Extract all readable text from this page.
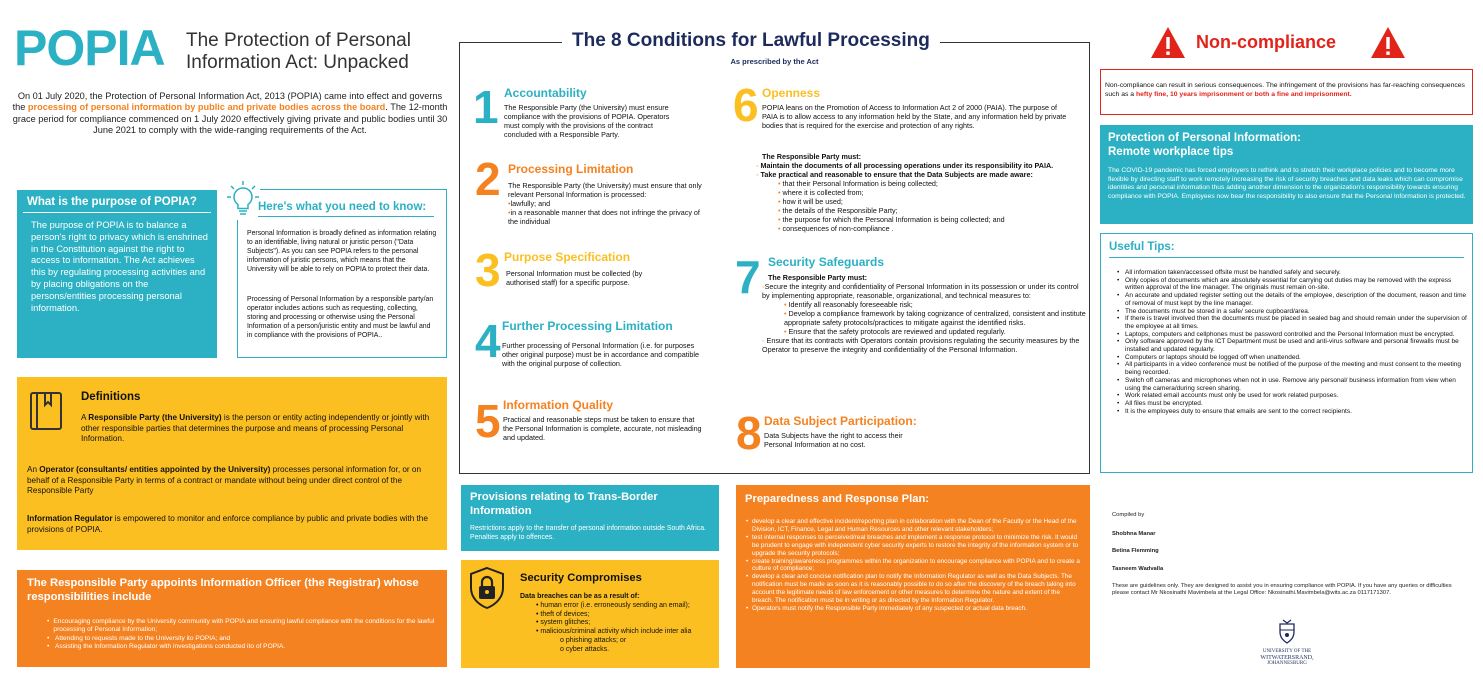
POPIA The Protection of Personal
Information Act: Unpacked

On 01 July 2020, the Protection of Personal Information Act, 2013 (POPIA) came into effect and governs the processing of personal information by public and private bodies across the board. The 12-month grace period for compliance commenced on 1 July 2020 effectively giving private and public bodies until 30 June 2021 to comply with the wide-ranging requirements of the Act.

What is the purpose of POPIA?

The purpose of POPIA is to balance a person's right to privacy which is enshrined in the Constitution against the right to access to information. The Act achieves this by regulating processing activities and by placing obligations on the persons/entities processing personal information.

Here's what you need to know:

Personal Information is broadly defined as information relating to an identifiable, living natural or juristic person ("Data Subjects"). As you can see POPIA refers to the personal information of juristic persons, which means that the University will be able to rely on POPIA to protect their data.

Processing of Personal Information by a responsible party/an operator includes actions such as requesting, collecting, storing and processing or otherwise using the Personal Information of a person/juristic entity and must be lawful and in compliance with the provisions of POPIA..

Definitions

A Responsible Party (the University) is the person or entity acting independently or jointly with other responsible parties that determines the purpose and means of processing Personal Information.

An Operator (consultants/ entities appointed by the University) processes personal information for, or on behalf of a Responsible Party in terms of a contract or mandate without being under direct control of the Responsible Party

Information Regulator is empowered to monitor and enforce compliance by public and private bodies with the provisions of POPIA.

The Responsible Party appoints Information Officer (the Registrar) whose responsibilities include
• Encouraging compliance by the University community with POPIA and ensuring lawful compliance with the conditions for the lawful processing of Personal Information;
• Attending to requests made to the University ito POPIA; and
• Assisting the Information Regulator with investigations conducted ito of POPIA.
The 8 Conditions for Lawful Processing
As prescribed by the Act
1 Accountability

The Responsible Party (the University) must ensure compliance with the provisions of POPIA. Operators must comply with the provisions of the contract concluded with a Responsible Party.

2 Processing Limitation

The Responsible Party (the University) must ensure that only relevant Personal Information is processed:

•lawfully; and

•in a reasonable manner that does not infringe the privacy of the individual

3 Purpose Specification

Personal Information must be collected (by authorised staff) for a specific purpose.

4 Further Processing Limitation

Further processing of Personal Information (i.e. for purposes other original purpose) must be in accordance and compatible with the original purpose of collection.

5 Information Quality

Practical and reasonable steps must be taken to ensure that the Personal Information is complete, accurate, not misleading and updated.

6 Openness

POPIA leans on the Promotion of Access to Information Act 2 of 2000 (PAIA). The purpose of PAIA is to allow access to any information held by the State, and any information held by private bodies that is required for the exercise and protection of any rights.

The Responsible Party must:

◦ Maintain the documents of all processing operations under its responsibility ito PAIA.

◦ Take practical and reasonable to ensure that the Data Subjects are made aware:

• that their Personal Information is being collected;

• where it is collected from;

• how it will be used;

• the details of the Responsible Party;

• the purpose for which the Personal Information is being collected; and

• consequences of non-compliance .

7 Security Safeguards

The Responsible Party must:

◦Secure the integrity and confidentiality of Personal Information in its possession or under its control by implementing appropriate, reasonable, organizational, and technical measures to:

• Identify all reasonably foreseeable risk;

• Develop a compliance framework by taking cognizance of centralized, consistent and institute appropriate safety protocols/practices to mitigate against the identified risks.

• Ensure that the safety protocols are reviewed and updated regularly.

◦ Ensure that its contracts with Operators contain provisions regulating the security measures by the Operator to preserve the integrity and confidentiality of the Personal Information.

8 Data Subject Participation:

Data Subjects have the right to access their Personal Information at no cost.

Provisions relating to Trans-Border Information

Restrictions apply to the transfer of personal information outside South Africa. Penalties apply to offences.

Security Compromises

Data breaches can be as a result of:

• human error (i.e. erroneously sending an email);

• theft of devices;

• system glitches;

• malicious/criminal activity which include inter alia

o phishing attacks; or

o cyber attacks.

Preparedness and Response Plan:
• develop a clear and effective incident/reporting plan in collaboration with the Dean of the Faculty or the Head of the Division, ICT, Finance, Legal and Human Resources and other relevant stakeholders;
• test internal responses to perceived/real breaches and implement a response protocol to minimize the risk. It would be prudent to engage with independent cyber security experts to restore the integrity of the information system or to upgrade the security protocols;
• create training/awareness programmes within the organization to encourage compliance with POPIA and to create a culture of compliance;
• develop a clear and concise notification plan to notify the Information Regulator as well as the Data Subjects. The notification must be made as soon as it is reasonably possible to do so after the discovery of the breach taking into account the legitimate needs of law enforcement or other measures to determine the nature and extent of the breach. The notification must be in writing or as directed by the Information Regulator.
• Operators must notify the Responsible Party immediately of any suspected or actual data breach.
Non-compliance
Non-compliance can result in serious consequences. The infringement of the provisions has far-reaching consequences such as a hefty fine, 10 years imprisonment or both a fine and imprisonment.
Protection of Personal Information:
Remote workplace tips

The COVID-19 pandemic has forced employers to rethink and to stretch their workplace policies and to become more flexible by directing staff to work remotely increasing the risk of security breaches and data leaks which can compromise identities and personal information thus adding another dimension to the organization's responsibility towards ensuring compliance with POPIA. Employees now bear the responsibility to also ensure that the Personal Information is protected.

Useful Tips:
• All information taken/accessed offsite must be handled safely and securely.
• Only copies of documents which are absolutely essential for carrying out duties may be removed with the express written approval of the line manager. The originals must remain on-site.
• An accurate and updated register setting out the details of the employee, description of the document, reason and time of removal of must kept by the line manager.
• The documents must be stored in a safe/ secure cupboard/area.
• If there is travel involved then the documents must be placed in sealed bag and should remain under the supervision of the employee at all times.
• Laptops, computers and cellphones must be password controlled and the Personal Information must be encrypted.
• Only software approved by the ICT Department must be used and anti-virus software and personal firewalls must be installed and updated regularly.
• Computers or laptops should be logged off when unattended.
• All participants in a video conference must be notified of the purpose of the meeting and must consent to the meeting being recorded.
• Switch off cameras and microphones when not in use. Remove any personal/ business information from view when using the camera/during screen sharing.
• Work related email accounts must only be used for work related purposes.
• All files must be encrypted.
• It is the employees duty to ensure that emails are sent to the correct recipients.

Compiled by

Shobhna Manar

Betina Flemming

Tasneem Wadvalla

These are guidelines only. They are designed to assist you in ensuring compliance with POPIA. If you have any queries or difficulties please contact Mr Nkosinathi Mavimbela at the Legal Office: Nkosinathi.Mavimbela@wits.ac.za 0117171307.

UNIVERSITY OF THE
WITWATERSRAND,
JOHANNESBURG
